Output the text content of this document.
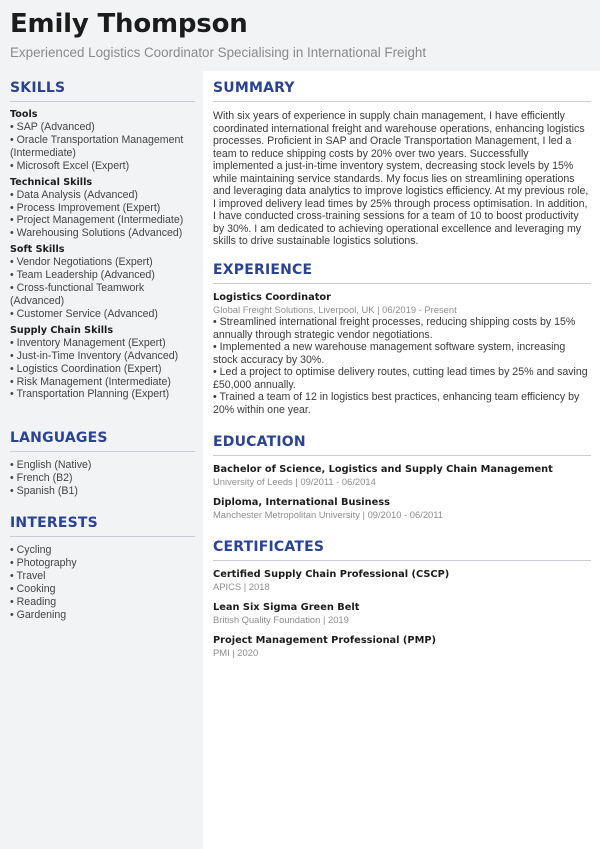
Emily Thompson
Experienced Logistics Coordinator Specialising in International Freight
SKILLS
Tools
• SAP (Advanced)
• Oracle Transportation Management (Intermediate)
• Microsoft Excel (Expert)
Technical Skills
• Data Analysis (Advanced)
• Process Improvement (Expert)
• Project Management (Intermediate)
• Warehousing Solutions (Advanced)
Soft Skills
• Vendor Negotiations (Expert)
• Team Leadership (Advanced)
• Cross-functional Teamwork (Advanced)
• Customer Service (Advanced)
Supply Chain Skills
• Inventory Management (Expert)
• Just-in-Time Inventory (Advanced)
• Logistics Coordination (Expert)
• Risk Management (Intermediate)
• Transportation Planning (Expert)
LANGUAGES
• English (Native)
• French (B2)
• Spanish (B1)
INTERESTS
• Cycling
• Photography
• Travel
• Cooking
• Reading
• Gardening
SUMMARY

With six years of experience in supply chain management, I have efficiently coordinated international freight and warehouse operations, enhancing logistics processes. Proficient in SAP and Oracle Transportation Management, I led a team to reduce shipping costs by 20% over two years. Successfully implemented a just-in-time inventory system, decreasing stock levels by 15% while maintaining service standards. My focus lies on streamlining operations and leveraging data analytics to improve logistics efficiency. At my previous role, I improved delivery lead times by 25% through process optimisation. In addition, I have conducted cross-training sessions for a team of 10 to boost productivity by 30%. I am dedicated to achieving operational excellence and leveraging my skills to drive sustainable logistics solutions.

EXPERIENCE
Logistics Coordinator
Global Freight Solutions, Liverpool, UK | 06/2019 - Present
• Streamlined international freight processes, reducing shipping costs by 15% annually through strategic vendor negotiations.
• Implemented a new warehouse management software system, increasing stock accuracy by 30%.
• Led a project to optimise delivery routes, cutting lead times by 25% and saving £50,000 annually.
• Trained a team of 12 in logistics best practices, enhancing team efficiency by 20% within one year.
EDUCATION
Bachelor of Science, Logistics and Supply Chain Management
University of Leeds | 09/2011 - 06/2014
Diploma, International Business
Manchester Metropolitan University | 09/2010 - 06/2011
CERTIFICATES
Certified Supply Chain Professional (CSCP)
APICS | 2018
Lean Six Sigma Green Belt
British Quality Foundation | 2019
Project Management Professional (PMP)
PMI | 2020
